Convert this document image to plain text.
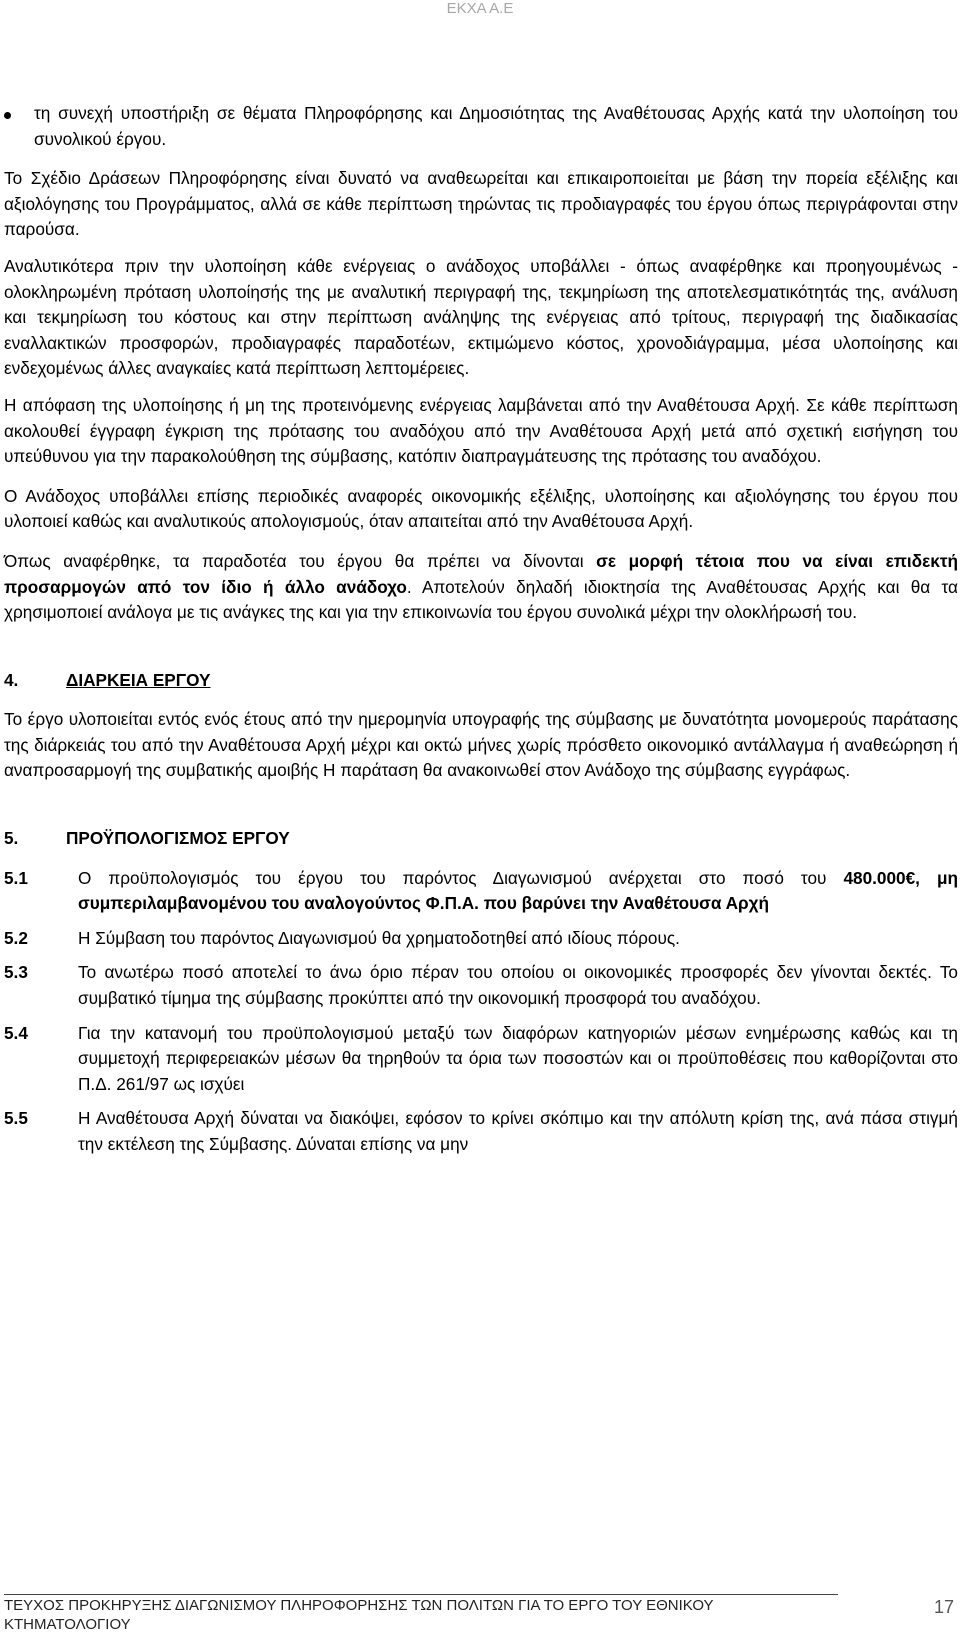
ΕΚΧΑ Α.Ε

τη συνεχή υποστήριξη σε θέματα Πληροφόρησης και Δημοσιότητας της Αναθέτουσας Αρχής κατά την υλοποίηση του συνολικού έργου.

Το Σχέδιο Δράσεων Πληροφόρησης είναι δυνατό να αναθεωρείται και επικαιροποιείται με βάση την πορεία εξέλιξης και αξιολόγησης του Προγράμματος, αλλά σε κάθε περίπτωση τηρώντας τις προδιαγραφές του έργου όπως περιγράφονται στην παρούσα.

Αναλυτικότερα πριν την υλοποίηση κάθε ενέργειας ο ανάδοχος υποβάλλει - όπως αναφέρθηκε και προηγουμένως - ολοκληρωμένη πρόταση υλοποίησής της με αναλυτική περιγραφή της, τεκμηρίωση της αποτελεσματικότητάς της, ανάλυση και τεκμηρίωση του κόστους και στην περίπτωση ανάληψης της ενέργειας από τρίτους, περιγραφή της διαδικασίας εναλλακτικών προσφορών, προδιαγραφές παραδοτέων, εκτιμώμενο κόστος, χρονοδιάγραμμα, μέσα υλοποίησης και ενδεχομένως άλλες αναγκαίες κατά περίπτωση λεπτομέρειες.

Η απόφαση της υλοποίησης ή μη της προτεινόμενης ενέργειας λαμβάνεται από την Αναθέτουσα Αρχή. Σε κάθε περίπτωση ακολουθεί έγγραφη έγκριση της πρότασης του αναδόχου από την Αναθέτουσα Αρχή μετά από σχετική εισήγηση του υπεύθυνου για την παρακολούθηση της σύμβασης, κατόπιν διαπραγμάτευσης της πρότασης του αναδόχου.

Ο Ανάδοχος υποβάλλει επίσης περιοδικές αναφορές οικονομικής εξέλιξης, υλοποίησης και αξιολόγησης του έργου που υλοποιεί καθώς και αναλυτικούς απολογισμούς, όταν απαιτείται από την Αναθέτουσα Αρχή.

Όπως αναφέρθηκε, τα παραδοτέα του έργου θα πρέπει να δίνονται σε μορφή τέτοια που να είναι επιδεκτή προσαρμογών από τον ίδιο ή άλλο ανάδοχο. Αποτελούν δηλαδή ιδιοκτησία της Αναθέτουσας Αρχής και θα τα χρησιμοποιεί ανάλογα με τις ανάγκες της και για την επικοινωνία του έργου συνολικά μέχρι την ολοκλήρωσή του.

4.	ΔΙΑΡΚΕΙΑ ΕΡΓΟΥ

Το έργο υλοποιείται εντός ενός έτους από την ημερομηνία υπογραφής της σύμβασης με δυνατότητα μονομερούς παράτασης της διάρκειάς του από την Αναθέτουσα Αρχή μέχρι και οκτώ μήνες χωρίς πρόσθετο οικονομικό αντάλλαγμα ή αναθεώρηση ή αναπροσαρμογή της συμβατικής αμοιβής Η παράταση θα ανακοινωθεί στον Ανάδοχο της σύμβασης εγγράφως.

5.	ΠΡΟΫΠΟΛΟΓΙΣΜΟΣ ΕΡΓΟΥ
5.1	Ο προϋπολογισμός του έργου του παρόντος Διαγωνισμού ανέρχεται στο ποσό του 480.000€, μη συμπεριλαμβανομένου του αναλογούντος Φ.Π.Α. που βαρύνει την Αναθέτουσα Αρχή
5.2	Η Σύμβαση του παρόντος Διαγωνισμού θα χρηματοδοτηθεί από ιδίους πόρους.
5.3	Το ανωτέρω ποσό αποτελεί το άνω όριο πέραν του οποίου οι οικονομικές προσφορές δεν γίνονται δεκτές. Το συμβατικό τίμημα της σύμβασης προκύπτει από την οικονομική προσφορά του αναδόχου.
5.4	Για την κατανομή του προϋπολογισμού μεταξύ των διαφόρων κατηγοριών μέσων ενημέρωσης καθώς και τη συμμετοχή περιφερειακών μέσων θα τηρηθούν τα όρια των ποσοστών και οι προϋποθέσεις που καθορίζονται στο Π.Δ. 261/97 ως ισχύει
5.5	Η Αναθέτουσα Αρχή δύναται να διακόψει, εφόσον το κρίνει σκόπιμο και την απόλυτη κρίση της, ανά πάσα στιγμή την εκτέλεση της Σύμβασης. Δύναται επίσης να μην
ΤΕΥΧΟΣ ΠΡΟΚΗΡΥΞΗΣ ΔΙΑΓΩΝΙΣΜΟΥ ΠΛΗΡΟΦΟΡΗΣΗΣ ΤΩΝ ΠΟΛΙΤΩΝ ΓΙΑ ΤΟ ΕΡΓΟ ΤΟΥ ΕΘΝΙΚΟΥ ΚΤΗΜΑΤΟΛΟΓΙΟΥ
17
